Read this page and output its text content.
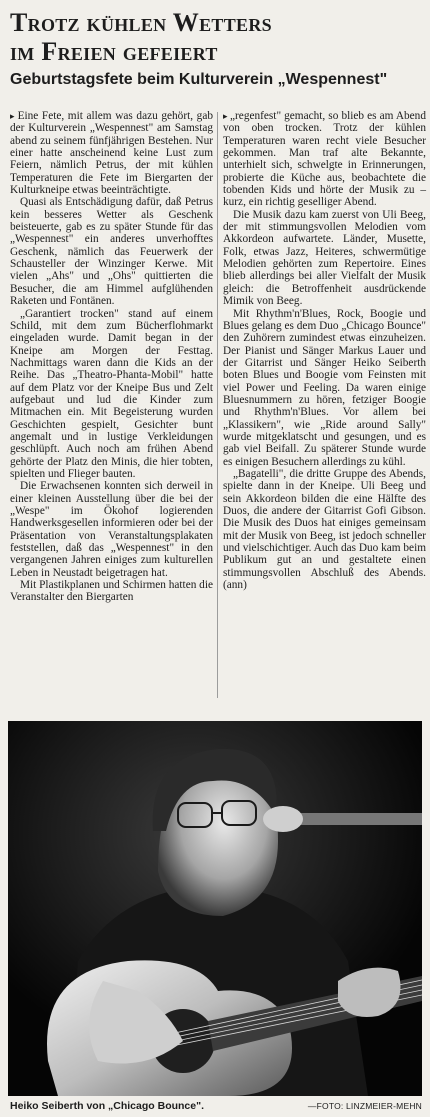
Trotz kühlen Wetters
im Freien gefeiert
Geburtstagsfete beim Kulturverein „Wespennest"

▸ Eine Fete, mit allem was dazu gehört, gab der Kulturverein „Wespennest" am Samstag abend zu seinem fünfjährigen Bestehen. Nur einer hatte anscheinend keine Lust zum Feiern, nämlich Petrus, der mit kühlen Temperaturen die Fete im Biergarten der Kulturkneipe etwas beeinträchtigte.

Quasi als Entschädigung dafür, daß Petrus kein besseres Wetter als Geschenk beisteuerte, gab es zu später Stunde für das „Wespennest" ein anderes unverhofftes Geschenk, nämlich das Feuerwerk der Schausteller der Winzinger Kerwe. Mit vielen „Ahs" und „Ohs" quittierten die Besucher, die am Himmel aufglühenden Raketen und Fontänen.

„Garantiert trocken" stand auf einem Schild, mit dem zum Bücherflohmarkt eingeladen wurde. Damit began in der Kneipe am Morgen der Festtag. Nachmittags waren dann die Kids an der Reihe. Das „Theatro-Phanta-Mobil" hatte auf dem Platz vor der Kneipe Bus und Zelt aufgebaut und lud die Kinder zum Mitmachen ein. Mit Begeisterung wurden Geschichten gespielt, Gesichter bunt angemalt und in lustige Verkleidungen geschlüpft. Auch noch am frühen Abend gehörte der Platz den Minis, die hier tobten, spielten und Flieger bauten.

Die Erwachsenen konnten sich derweil in einer kleinen Ausstellung über die bei der „Wespe" im Ökohof logierenden Handwerksgesellen informieren oder bei der Präsentation von Veranstaltungsplakaten feststellen, daß das „Wespennest" in den vergangenen Jahren einiges zum kulturellen Leben in Neustadt beigetragen hat.

Mit Plastikplanen und Schirmen hatten die Veranstalter den Biergarten

▸ „regenfest" gemacht, so blieb es am Abend von oben trocken. Trotz der kühlen Temperaturen waren recht viele Besucher gekommen. Man traf alte Bekannte, unterhielt sich, schwelgte in Erinnerungen, probierte die Küche aus, beobachtete die tobenden Kids und hörte der Musik zu – kurz, ein richtig geselliger Abend.

Die Musik dazu kam zuerst von Uli Beeg, der mit stimmungsvollen Melodien vom Akkordeon aufwartete. Länder, Musette, Folk, etwas Jazz, Heiteres, schwermütige Melodien gehörten zum Repertoire. Eines blieb allerdings bei aller Vielfalt der Musik gleich: die Betroffenheit ausdrückende Mimik von Beeg.

Mit Rhythm'n'Blues, Rock, Boogie und Blues gelang es dem Duo „Chicago Bounce" den Zuhörern zumindest etwas einzuheizen. Der Pianist und Sänger Markus Lauer und der Gitarrist und Sänger Heiko Seiberth boten Blues und Boogie vom Feinsten mit viel Power und Feeling. Da waren einige Bluesnummern zu hören, fetziger Boogie und Rhythm'n'Blues. Vor allem bei „Klassikern", wie „Ride around Sally" wurde mitgeklatscht und gesungen, und es gab viel Beifall. Zu späterer Stunde wurde es einigen Besuchern allerdings zu kühl.

„Bagatelli", die dritte Gruppe des Abends, spielte dann in der Kneipe. Uli Beeg und sein Akkordeon bilden die eine Hälfte des Duos, die andere der Gitarrist Gofi Gibson. Die Musik des Duos hat einiges gemeinsam mit der Musik von Beeg, ist jedoch schneller und vielschichtiger. Auch das Duo kam beim Publikum gut an und gestaltete einen stimmungsvollen Abschluß des Abends. (ann)

Heiko Seiberth von „Chicago Bounce".	—FOTO: LINZMEIER-MEHN
